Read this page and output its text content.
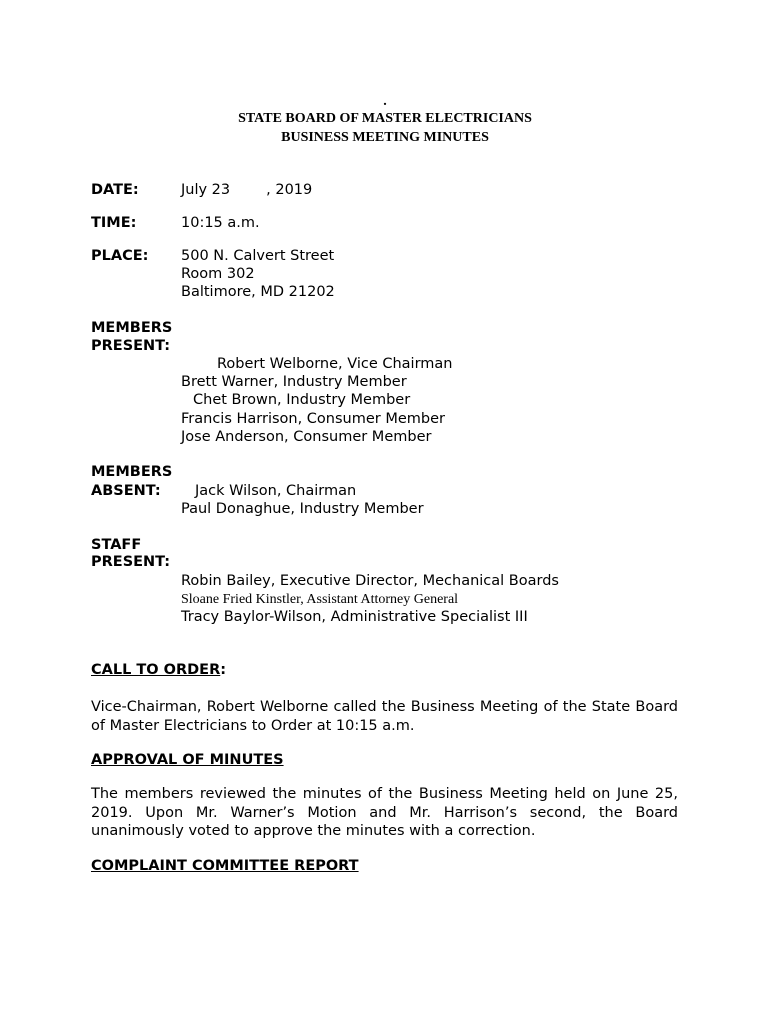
.
STATE BOARD OF MASTER ELECTRICIANS
BUSINESS MEETING MINUTES
DATE:	July 23 , 2019
TIME:	10:15 a.m.
PLACE: 500 N. Calvert Street
Room 302
Baltimore, MD 21202
MEMBERS
PRESENT:
Robert Welborne, Vice Chairman
Brett Warner, Industry Member
Chet Brown, Industry Member
Francis Harrison, Consumer Member
Jose Anderson, Consumer Member
MEMBERS
ABSENT: Jack Wilson, Chairman
Paul Donaghue, Industry Member
STAFF
PRESENT:
Robin Bailey, Executive Director, Mechanical Boards
Sloane Fried Kinstler, Assistant Attorney General
Tracy Baylor-Wilson, Administrative Specialist III
CALL TO ORDER:
Vice-Chairman, Robert Welborne called the Business Meeting of the State Board of Master Electricians to Order at 10:15 a.m.
APPROVAL OF MINUTES
The members reviewed the minutes of the Business Meeting held on June 25, 2019. Upon Mr. Warner’s Motion and Mr. Harrison’s second, the Board unanimously voted to approve the minutes with a correction.
COMPLAINT COMMITTEE REPORT
